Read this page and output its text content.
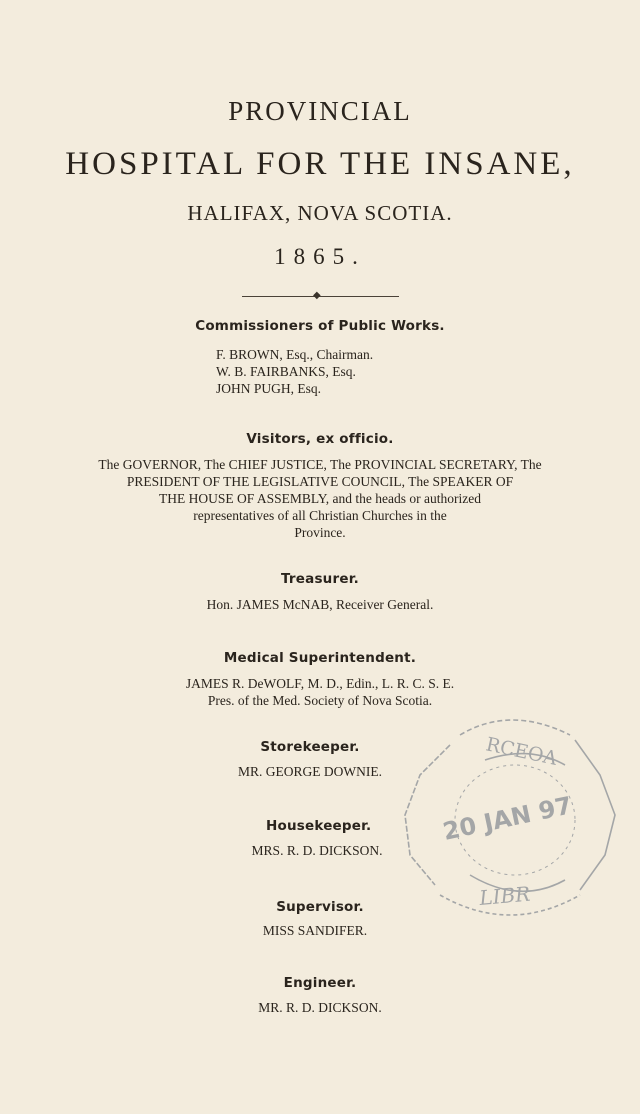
PROVINCIAL
HOSPITAL FOR THE INSANE,
HALIFAX, NOVA SCOTIA.
1865.
◆
Commissioners of Public Works.
F. BROWN, Esq., Chairman.
W. B. FAIRBANKS, Esq.
JOHN PUGH, Esq.
Visitors, ex officio.
The GOVERNOR, The CHIEF JUSTICE, The PROVINCIAL SECRETARY, The
PRESIDENT OF THE LEGISLATIVE COUNCIL, The SPEAKER OF
THE HOUSE OF ASSEMBLY, and the heads or authorized
representatives of all Christian Churches in the
Province.
Treasurer.
Hon. JAMES McNAB, Receiver General.
Medical Superintendent.
JAMES R. DeWOLF, M. D., Edin., L. R. C. S. E.
Pres. of the Med. Society of Nova Scotia.
RCEOA
20 JAN 97
LIBR
Storekeeper.
MR. GEORGE DOWNIE.
Housekeeper.
MRS. R. D. DICKSON.
Supervisor.
MISS SANDIFER.
Engineer.
MR. R. D. DICKSON.
